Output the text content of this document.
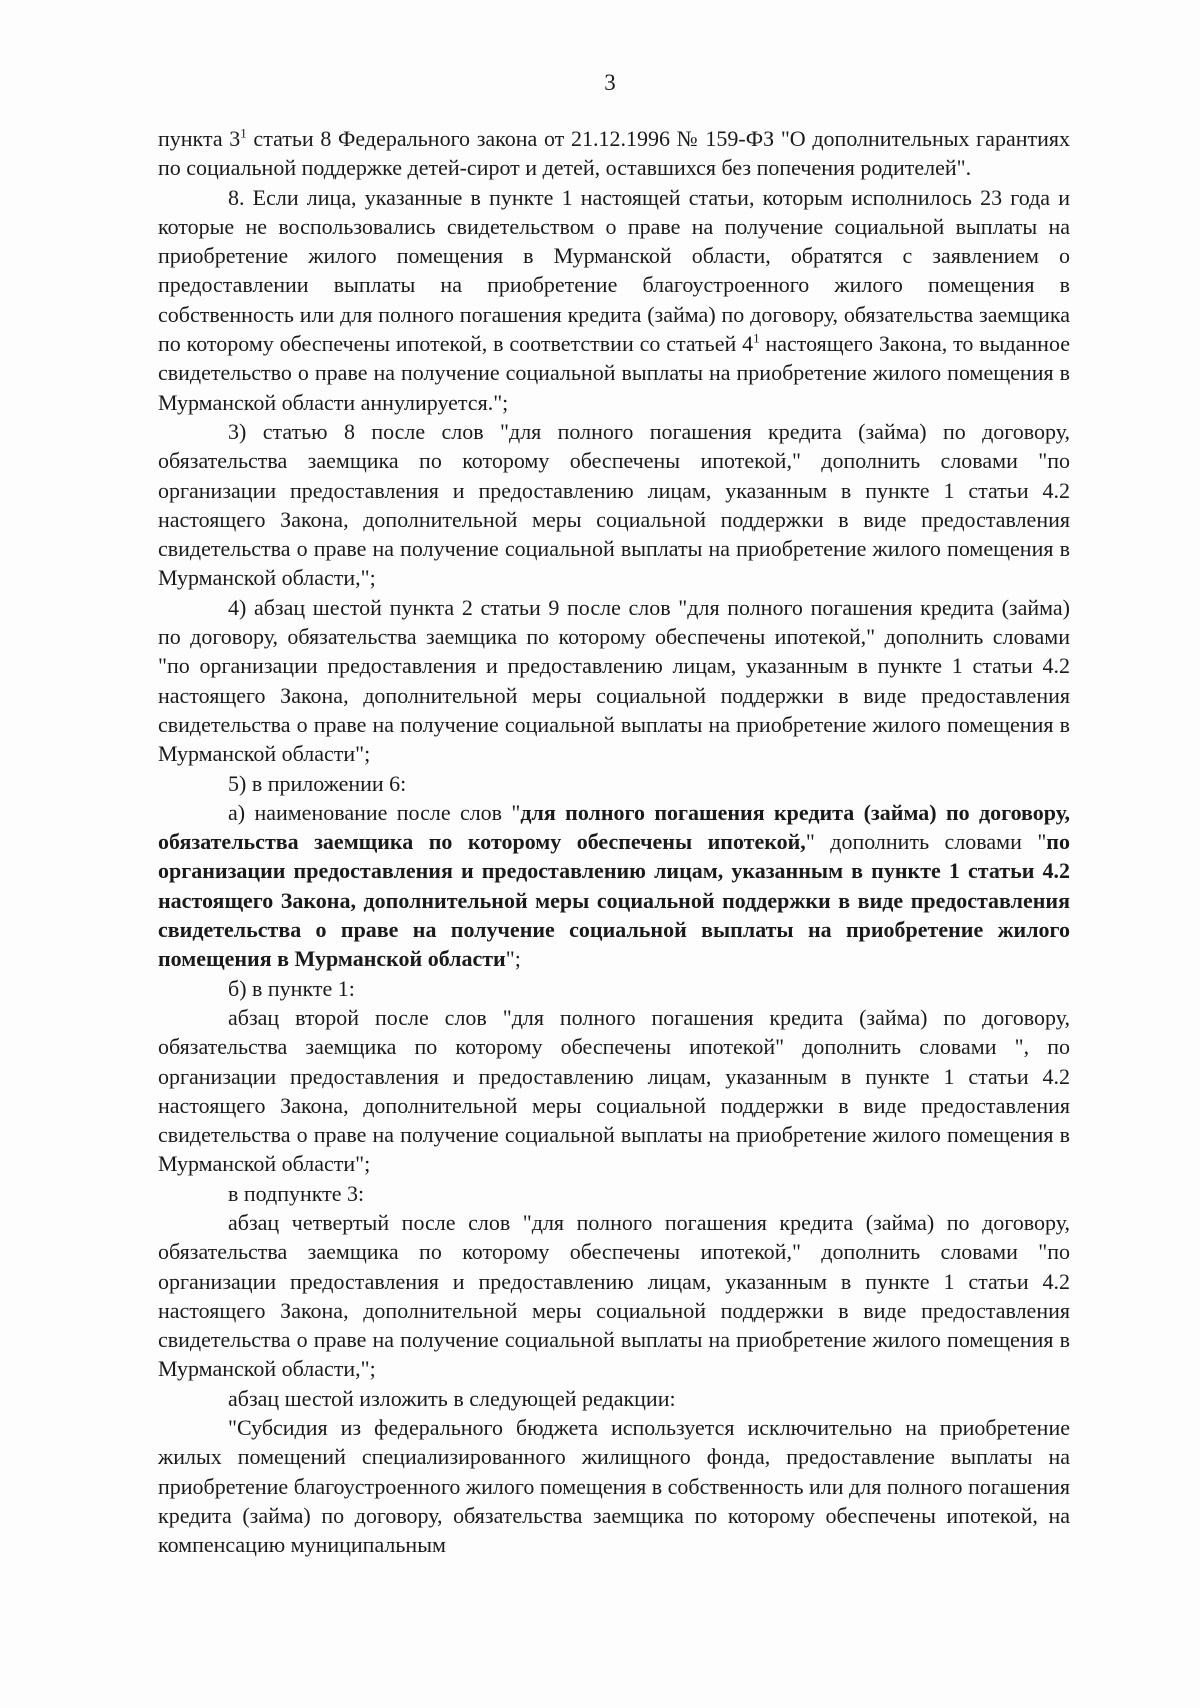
3

пункта $3^1$ статьи 8 Федерального закона от 21.12.1996 № 159-ФЗ "О дополнительных гарантиях по социальной поддержке детей-сирот и детей, оставшихся без попечения родителей".

8. Если лица, указанные в пункте 1 настоящей статьи, которым исполнилось 23 года и которые не воспользовались свидетельством о праве на получение социальной выплаты на приобретение жилого помещения в Мурманской области, обратятся с заявлением о предоставлении выплаты на приобретение благоустроенного жилого помещения в собственность или для полного погашения кредита (займа) по договору, обязательства заемщика по которому обеспечены ипотекой, в соответствии со статьей $4^1$ настоящего Закона, то выданное свидетельство о праве на получение социальной выплаты на приобретение жилого помещения в Мурманской области аннулируется.";

3) статью 8 после слов "для полного погашения кредита (займа) по договору, обязательства заемщика по которому обеспечены ипотекой," дополнить словами "по организации предоставления и предоставлению лицам, указанным в пункте 1 статьи 4.2 настоящего Закона, дополнительной меры социальной поддержки в виде предоставления свидетельства о праве на получение социальной выплаты на приобретение жилого помещения в Мурманской области,";

4) абзац шестой пункта 2 статьи 9 после слов "для полного погашения кредита (займа) по договору, обязательства заемщика по которому обеспечены ипотекой," дополнить словами "по организации предоставления и предоставлению лицам, указанным в пункте 1 статьи 4.2 настоящего Закона, дополнительной меры социальной поддержки в виде предоставления свидетельства о праве на получение социальной выплаты на приобретение жилого помещения в Мурманской области";

5) в приложении 6:

а) наименование после слов "для полного погашения кредита (займа) по договору, обязательства заемщика по которому обеспечены ипотекой," дополнить словами "по организации предоставления и предоставлению лицам, указанным в пункте 1 статьи 4.2 настоящего Закона, дополнительной меры социальной поддержки в виде предоставления свидетельства о праве на получение социальной выплаты на приобретение жилого помещения в Мурманской области";

б) в пункте 1:

абзац второй после слов "для полного погашения кредита (займа) по договору, обязательства заемщика по которому обеспечены ипотекой" дополнить словами ", по организации предоставления и предоставлению лицам, указанным в пункте 1 статьи 4.2 настоящего Закона, дополнительной меры социальной поддержки в виде предоставления свидетельства о праве на получение социальной выплаты на приобретение жилого помещения в Мурманской области";

в подпункте 3:

абзац четвертый после слов "для полного погашения кредита (займа) по договору, обязательства заемщика по которому обеспечены ипотекой," дополнить словами "по организации предоставления и предоставлению лицам, указанным в пункте 1 статьи 4.2 настоящего Закона, дополнительной меры социальной поддержки в виде предоставления свидетельства о праве на получение социальной выплаты на приобретение жилого помещения в Мурманской области,";

абзац шестой изложить в следующей редакции:

"Субсидия из федерального бюджета используется исключительно на приобретение жилых помещений специализированного жилищного фонда, предоставление выплаты на приобретение благоустроенного жилого помещения в собственность или для полного погашения кредита (займа) по договору, обязательства заемщика по которому обеспечены ипотекой, на компенсацию муниципальным
